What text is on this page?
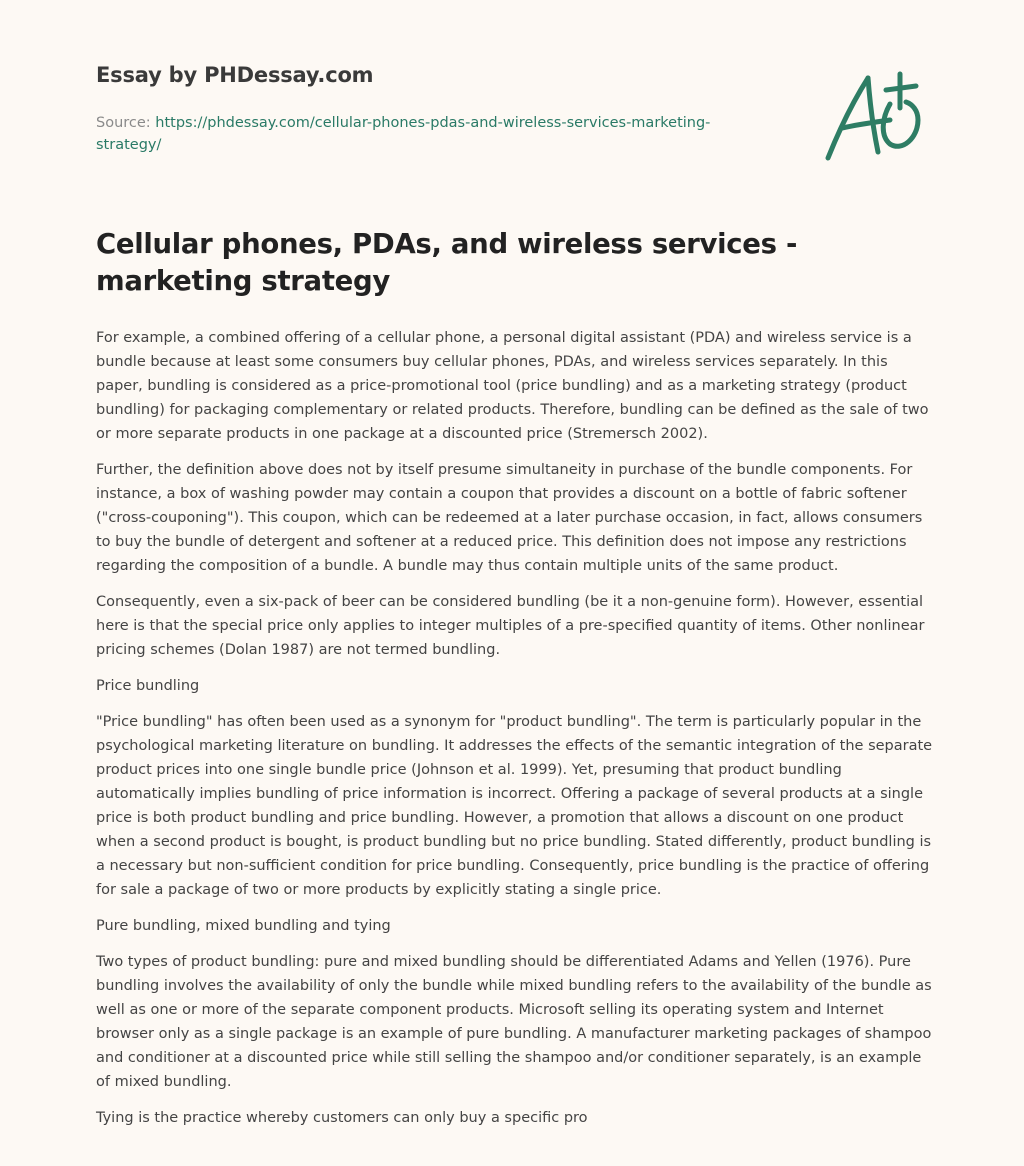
Essay by PHDessay.com
Source: https://phdessay.com/cellular-phones-pdas-and-wireless-services-marketing-strategy/
Cellular phones, PDAs, and wireless services - marketing strategy

For example, a combined offering of a cellular phone, a personal digital assistant (PDA) and wireless service is a bundle because at least some consumers buy cellular phones, PDAs, and wireless services separately. In this paper, bundling is considered as a price-promotional tool (price bundling) and as a marketing strategy (product bundling) for packaging complementary or related products. Therefore, bundling can be defined as the sale of two or more separate products in one package at a discounted price (Stremersch 2002).

Further, the definition above does not by itself presume simultaneity in purchase of the bundle components. For instance, a box of washing powder may contain a coupon that provides a discount on a bottle of fabric softener ("cross-couponing"). This coupon, which can be redeemed at a later purchase occasion, in fact, allows consumers to buy the bundle of detergent and softener at a reduced price. This definition does not impose any restrictions regarding the composition of a bundle. A bundle may thus contain multiple units of the same product.

Consequently, even a six-pack of beer can be considered bundling (be it a non-genuine form). However, essential here is that the special price only applies to integer multiples of a pre-specified quantity of items. Other nonlinear pricing schemes (Dolan 1987) are not termed bundling.

Price bundling

"Price bundling" has often been used as a synonym for "product bundling". The term is particularly popular in the psychological marketing literature on bundling. It addresses the effects of the semantic integration of the separate product prices into one single bundle price (Johnson et al. 1999). Yet, presuming that product bundling automatically implies bundling of price information is incorrect. Offering a package of several products at a single price is both product bundling and price bundling. However, a promotion that allows a discount on one product when a second product is bought, is product bundling but no price bundling. Stated differently, product bundling is a necessary but non-sufficient condition for price bundling. Consequently, price bundling is the practice of offering for sale a package of two or more products by explicitly stating a single price.

Pure bundling, mixed bundling and tying

Two types of product bundling: pure and mixed bundling should be differentiated Adams and Yellen (1976). Pure bundling involves the availability of only the bundle while mixed bundling refers to the availability of the bundle as well as one or more of the separate component products. Microsoft selling its operating system and Internet browser only as a single package is an example of pure bundling. A manufacturer marketing packages of shampoo and conditioner at a discounted price while still selling the shampoo and/or conditioner separately, is an example of mixed bundling.

Tying is the practice whereby customers can only buy a specific pro
